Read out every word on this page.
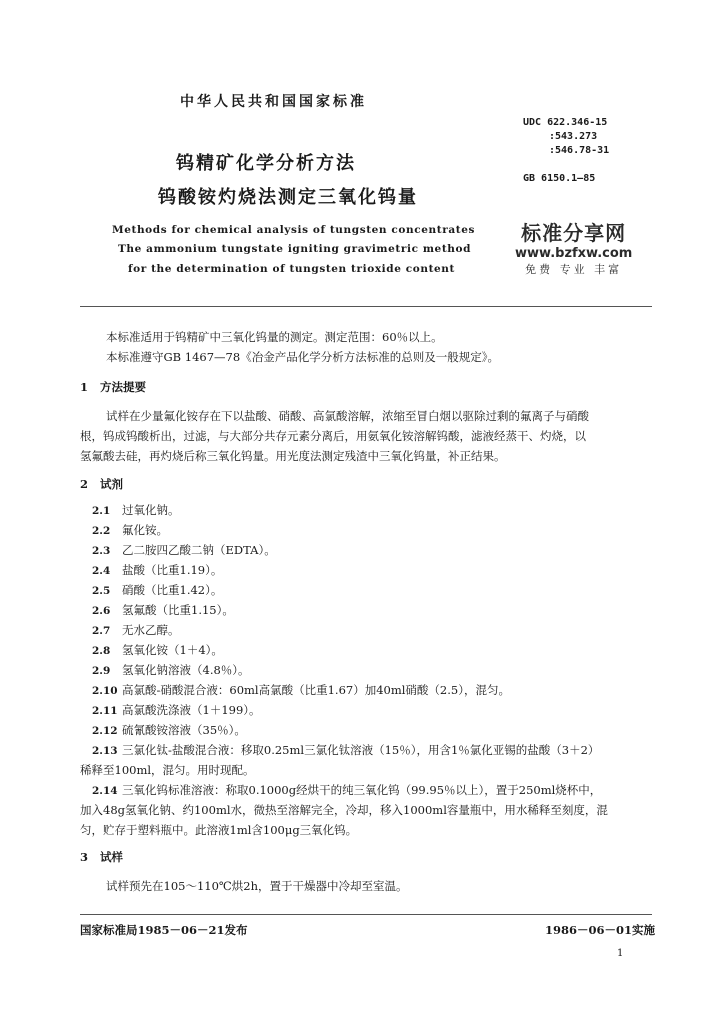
中华人民共和国国家标准
钨精矿化学分析方法
钨酸铵灼烧法测定三氧化钨量
Methods for chemical analysis of tungsten concentrates
The ammonium tungstate igniting gravimetric method
for the determination of tungsten trioxide content
UDC 622.346-15
:543.273
:546.78-31
GB 6150.1—85
标准分享网
www.bzfxw.com
免费 专业 丰富
本标准适用于钨精矿中三氧化钨量的测定。测定范围：60％以上。
本标准遵守GB 1467—78《冶金产品化学分析方法标准的总则及一般规定》。
1 方法提要
试样在少量氟化铵存在下以盐酸、硝酸、高氯酸溶解，浓缩至冒白烟以驱除过剩的氟离子与硝酸
根，钨成钨酸析出，过滤，与大部分共存元素分离后，用氨氧化铵溶解钨酸，滤液经蒸干、灼烧，以
氢氟酸去硅，再灼烧后称三氧化钨量。用光度法测定残渣中三氧化钨量，补正结果。
2 试剂
2.1 过氧化钠。
2.2 氟化铵。
2.3 乙二胺四乙酸二钠（EDTA）。
2.4 盐酸（比重1.19）。
2.5 硝酸（比重1.42）。
2.6 氢氟酸（比重1.15）。
2.7 无水乙醇。
2.8 氢氧化铵（1＋4）。
2.9 氢氧化钠溶液（4.8％）。
2.10 高氯酸-硝酸混合液：60ml高氯酸（比重1.67）加40ml硝酸（2.5），混匀。
2.11 高氯酸洗涤液（1＋199）。
2.12 硫氰酸铵溶液（35％）。
2.13 三氯化钛-盐酸混合液：移取0.25ml三氯化钛溶液（15％），用含1％氯化亚锡的盐酸（3＋2）
稀释至100ml，混匀。用时现配。
2.14 三氧化钨标准溶液：称取0.1000g经烘干的纯三氧化钨（99.95％以上），置于250ml烧杯中，
加入48g氢氧化钠、约100ml水，微热至溶解完全，冷却，移入1000ml容量瓶中，用水稀释至刻度，混
匀，贮存于塑料瓶中。此溶液1ml含100μg三氧化钨。
3 试样
试样预先在105～110℃烘2h，置于干燥器中冷却至室温。
国家标准局1985－06－21发布	1986－06－01实施
1
